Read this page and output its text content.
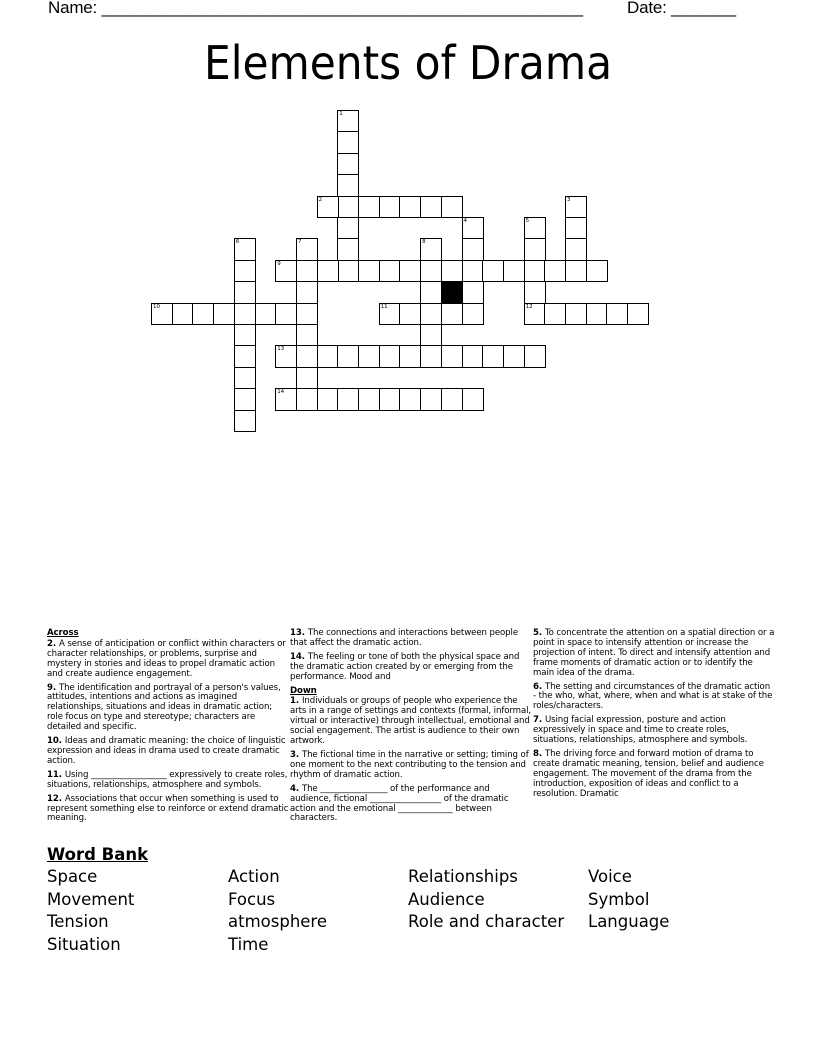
Name: ____________________________________________________	Date: _______
Elements of Drama
1
2	3
4	5
12
6	7	8
9
10	11
13
14
Across

2. A sense of anticipation or conflict within characters or character relationships, or problems, surprise and mystery in stories and ideas to propel dramatic action and create audience engagement.

9. The identification and portrayal of a person's values, attitudes, intentions and actions as imagined relationships, situations and ideas in dramatic action; role focus on type and stereotype; characters are detailed and specific.

10. Ideas and dramatic meaning: the choice of linguistic expression and ideas in drama used to create dramatic action.

11. Using __________________ expressively to create roles, situations, relationships, atmosphere and symbols.

12. Associations that occur when something is used to represent something else to reinforce or extend dramatic meaning.

13. The connections and interactions between people that affect the dramatic action.

14. The feeling or tone of both the physical space and the dramatic action created by or emerging from the performance. Mood and

Down

1. Individuals or groups of people who experience the arts in a range of settings and contexts (formal, informal, virtual or interactive) through intellectual, emotional and social engagement. The artist is audience to their own artwork.

3. The fictional time in the narrative or setting; timing of one moment to the next contributing to the tension and rhythm of dramatic action.

4. The ________________ of the performance and audience, fictional _________________ of the dramatic action and the emotional _____________ between characters.

5. To concentrate the attention on a spatial direction or a point in space to intensify attention or increase the projection of intent. To direct and intensify attention and frame moments of dramatic action or to identify the main idea of the drama.

6. The setting and circumstances of the dramatic action - the who, what, where, when and what is at stake of the roles/characters.

7. Using facial expression, posture and action expressively in space and time to create roles, situations, relationships, atmosphere and symbols.

8. The driving force and forward motion of drama to create dramatic meaning, tension, belief and audience engagement. The movement of the drama from the introduction, exposition of ideas and conflict to a resolution. Dramatic

Word Bank
Space
Movement
Tension
Situation
Action
Focus
atmosphere
Time
Relationships
Audience
Role and character
Voice
Symbol
Language
